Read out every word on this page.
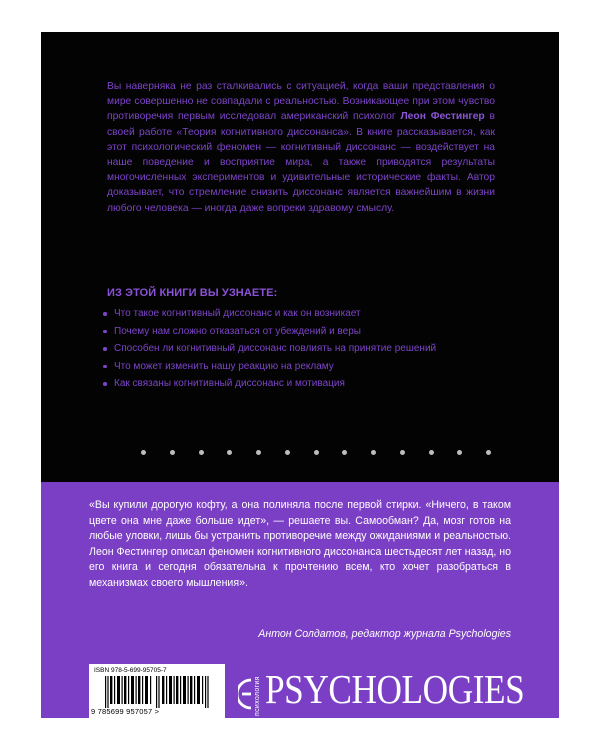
Вы наверняка не раз сталкивались с ситуацией, когда ваши представления о мире совершенно не совпадали с реальностью. Возникающее при этом чувство противоречия первым исследовал американский психолог Леон Фестингер в своей работе «Теория когнитивного диссонанса». В книге рассказывается, как этот психологический феномен — когнитивный диссонанс — воздействует на наше поведение и восприятие мира, а также приводятся результаты многочисленных экспериментов и удивительные исторические факты. Автор доказывает, что стремление снизить диссонанс является важнейшим в жизни любого человека — иногда даже вопреки здравому смыслу.

ИЗ ЭТОЙ КНИГИ ВЫ УЗНАЕТЕ:

Что такое когнитивный диссонанс и как он возникает
Почему нам сложно отказаться от убеждений и веры
Способен ли когнитивный диссонанс повлиять на принятие решений
Что может изменить нашу реакцию на рекламу
Как связаны когнитивный диссонанс и мотивация

«Вы купили дорогую кофту, а она полиняла после первой стирки. «Ничего, в таком цвете она мне даже больше идет», — решаете вы. Самообман? Да, мозг готов на любые уловки, лишь бы устранить противоречие между ожиданиями и реальностью. Леон Фестингер описал феномен когнитивного диссонанса шестьдесят лет назад, но его книга и сегодня обязательна к прочтению всем, кто хочет разобраться в механизмах своего мышления».

Антон Солдатов, редактор журнала Psychologies

ISBN 978-5-699-95705-7
9 785699 957057 >	психология PSYCHOLOGIES
